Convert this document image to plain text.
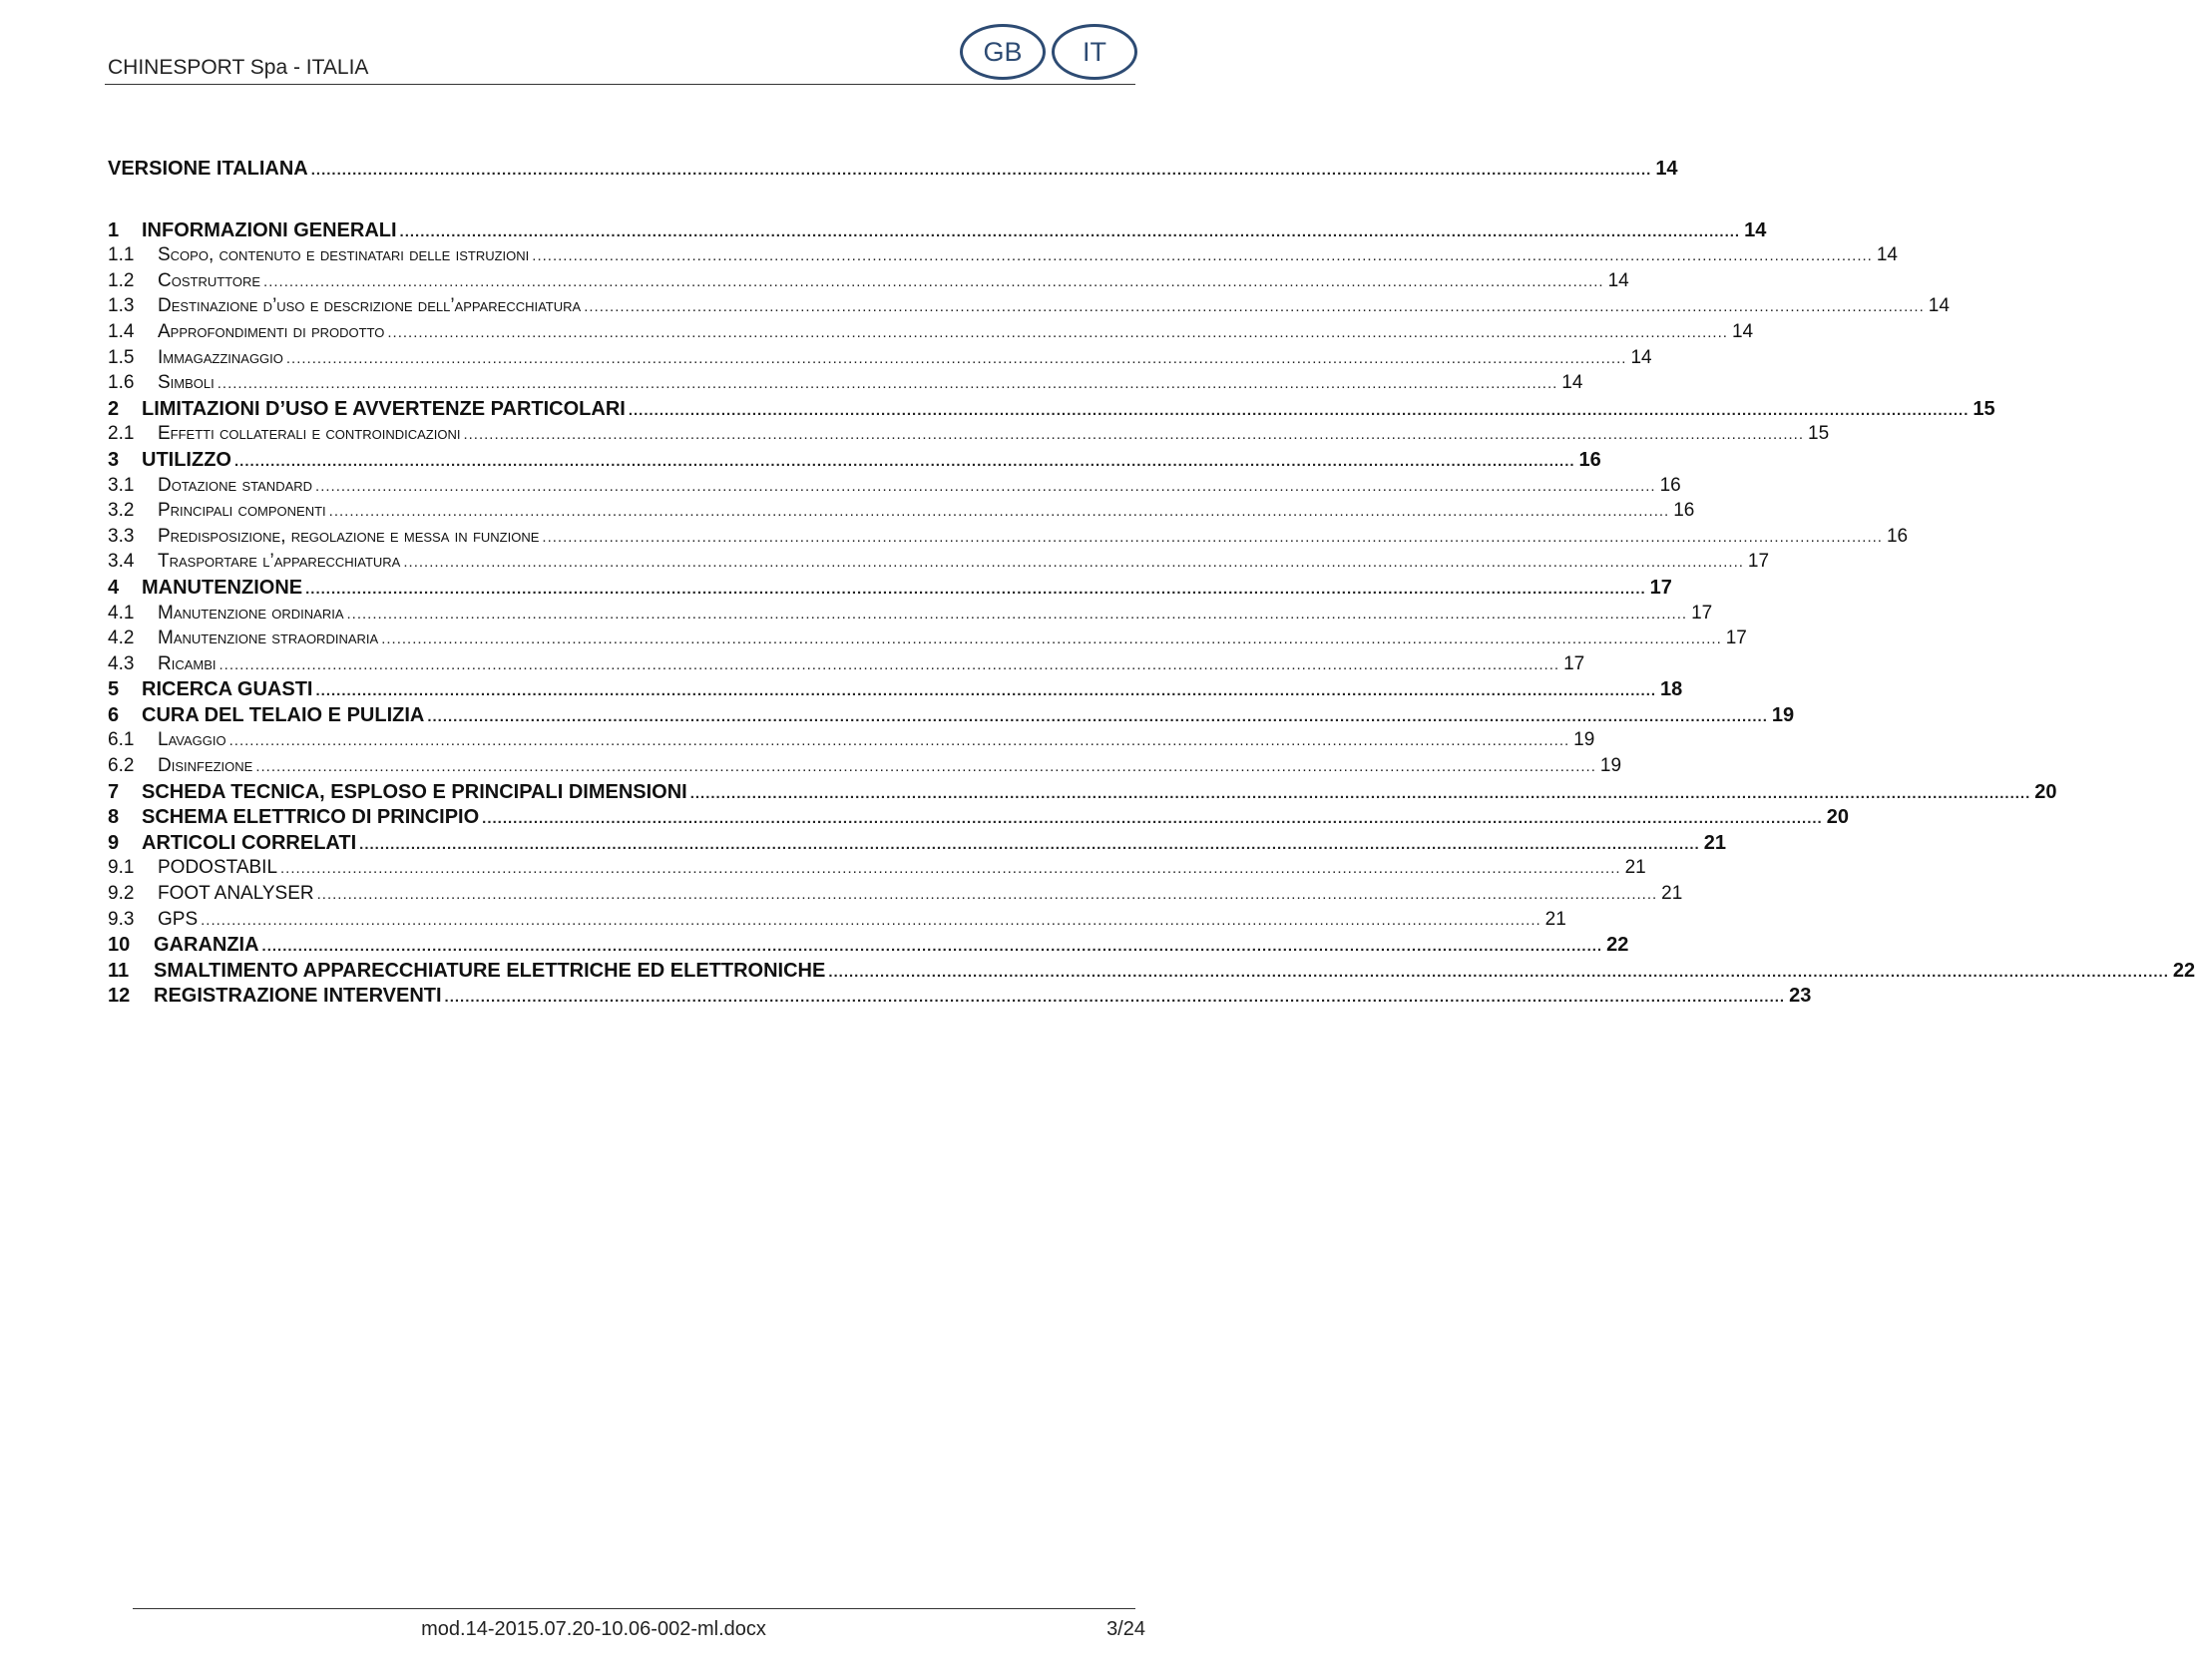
CHINESPORT Spa - ITALIA
GB	IT
VERSIONE ITALIANA .................................................................................................................................................................................................................................................................... 14
1	INFORMAZIONI GENERALI .................................................................................................................................................................................................................................................................... 14
1.1	Scopo, contenuto e destinatari delle istruzioni .................................................................................................................................................................................................................................................................... 14
1.2	Costruttore .................................................................................................................................................................................................................................................................... 14
1.3	Destinazione d’uso e descrizione dell’apparecchiatura .................................................................................................................................................................................................................................................................... 14
1.4	Approfondimenti di prodotto .................................................................................................................................................................................................................................................................... 14
1.5	Immagazzinaggio .................................................................................................................................................................................................................................................................... 14
1.6	Simboli .................................................................................................................................................................................................................................................................... 14
2	LIMITAZIONI D’USO E AVVERTENZE PARTICOLARI .................................................................................................................................................................................................................................................................... 15
2.1	Effetti collaterali e controindicazioni .................................................................................................................................................................................................................................................................... 15
3	UTILIZZO .................................................................................................................................................................................................................................................................... 16
3.1	Dotazione standard .................................................................................................................................................................................................................................................................... 16
3.2	Principali componenti .................................................................................................................................................................................................................................................................... 16
3.3	Predisposizione, regolazione e messa in funzione .................................................................................................................................................................................................................................................................... 16
3.4	Trasportare l’apparecchiatura .................................................................................................................................................................................................................................................................... 17
4	MANUTENZIONE .................................................................................................................................................................................................................................................................... 17
4.1	Manutenzione ordinaria .................................................................................................................................................................................................................................................................... 17
4.2	Manutenzione straordinaria .................................................................................................................................................................................................................................................................... 17
4.3	Ricambi .................................................................................................................................................................................................................................................................... 17
5	RICERCA GUASTI .................................................................................................................................................................................................................................................................... 18
6	CURA DEL TELAIO E PULIZIA .................................................................................................................................................................................................................................................................... 19
6.1	Lavaggio .................................................................................................................................................................................................................................................................... 19
6.2	Disinfezione .................................................................................................................................................................................................................................................................... 19
7	SCHEDA TECNICA, ESPLOSO E PRINCIPALI DIMENSIONI .................................................................................................................................................................................................................................................................... 20
8	SCHEMA ELETTRICO DI PRINCIPIO .................................................................................................................................................................................................................................................................... 20
9	ARTICOLI CORRELATI .................................................................................................................................................................................................................................................................... 21
9.1	PODOSTABIL .................................................................................................................................................................................................................................................................... 21
9.2	FOOT ANALYSER .................................................................................................................................................................................................................................................................... 21
9.3	GPS .................................................................................................................................................................................................................................................................... 21
10	GARANZIA .................................................................................................................................................................................................................................................................... 22
11	SMALTIMENTO APPARECCHIATURE ELETTRICHE ED ELETTRONICHE .................................................................................................................................................................................................................................................................... 22
12	REGISTRAZIONE INTERVENTI .................................................................................................................................................................................................................................................................... 23
mod.14-2015.07.20-10.06-002-ml.docx	3/24
